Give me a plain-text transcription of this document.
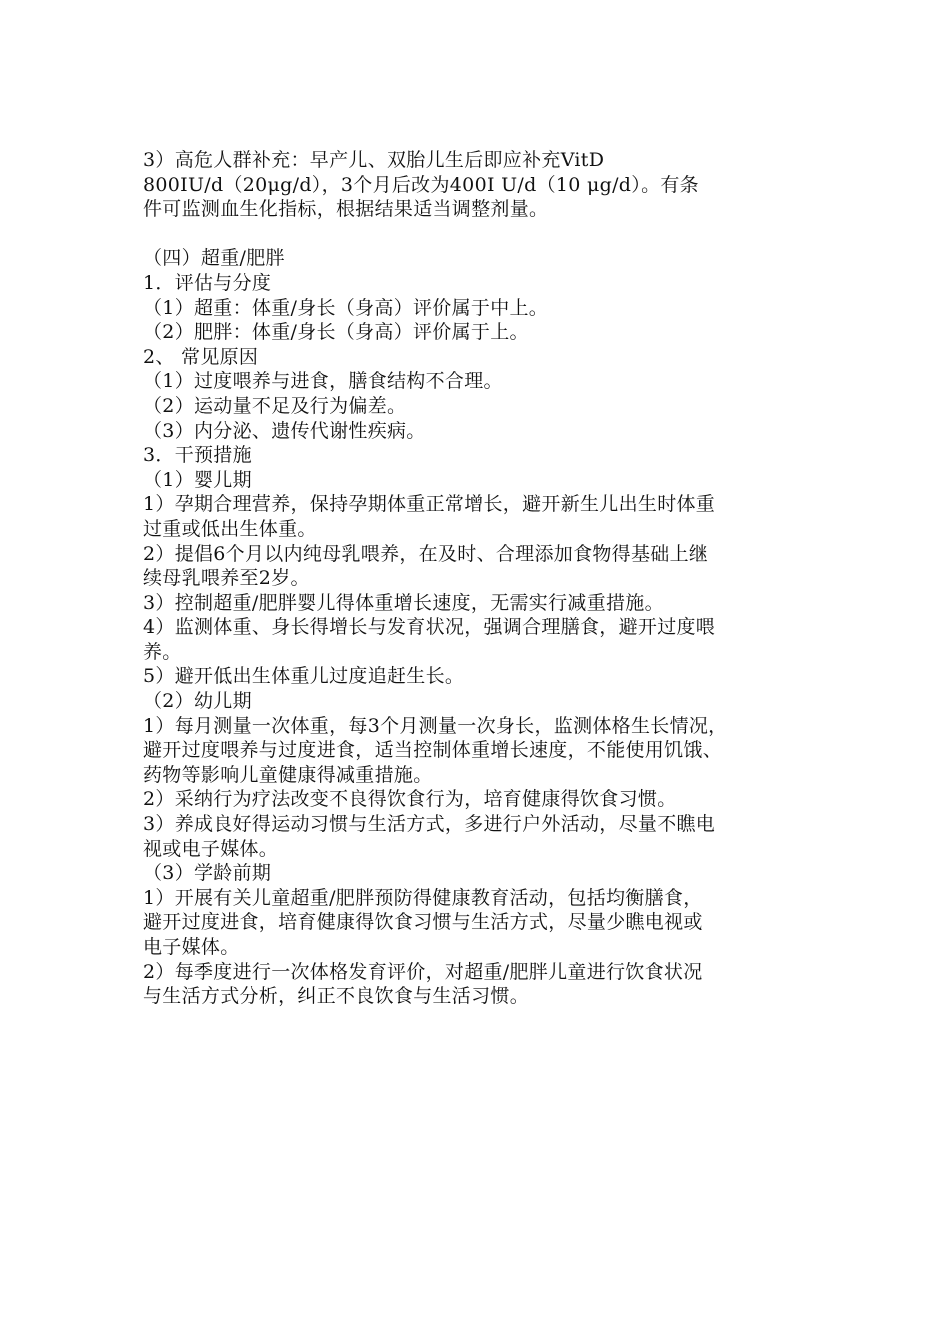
3）高危人群补充：早产儿、双胎儿生后即应补充VitD
800IU/d（20μg/d），3个月后改为400I U/d（10 μg/d）。有条
件可监测血生化指标，根据结果适当调整剂量。
（四）超重/肥胖
1．评估与分度
（1）超重：体重/身长（身高）评价属于中上。
（2）肥胖：体重/身长（身高）评价属于上。
2、 常见原因
（1）过度喂养与进食，膳食结构不合理。
（2）运动量不足及行为偏差。
（3）内分泌、遗传代谢性疾病。
3．干预措施
（1）婴儿期
1）孕期合理营养，保持孕期体重正常增长，避开新生儿出生时体重
过重或低出生体重。
2）提倡6个月以内纯母乳喂养，在及时、合理添加食物得基础上继
续母乳喂养至2岁。
3）控制超重/肥胖婴儿得体重增长速度，无需实行减重措施。
4）监测体重、身长得增长与发育状况，强调合理膳食，避开过度喂
养。
5）避开低出生体重儿过度追赶生长。
（2）幼儿期
1）每月测量一次体重，每3个月测量一次身长，监测体格生长情况，
避开过度喂养与过度进食，适当控制体重增长速度，不能使用饥饿、
药物等影响儿童健康得减重措施。
2）采纳行为疗法改变不良得饮食行为，培育健康得饮食习惯。
3）养成良好得运动习惯与生活方式，多进行户外活动，尽量不瞧电
视或电子媒体。
（3）学龄前期
1）开展有关儿童超重/肥胖预防得健康教育活动，包括均衡膳食，
避开过度进食，培育健康得饮食习惯与生活方式，尽量少瞧电视或
电子媒体。
2）每季度进行一次体格发育评价，对超重/肥胖儿童进行饮食状况
与生活方式分析，纠正不良饮食与生活习惯。
